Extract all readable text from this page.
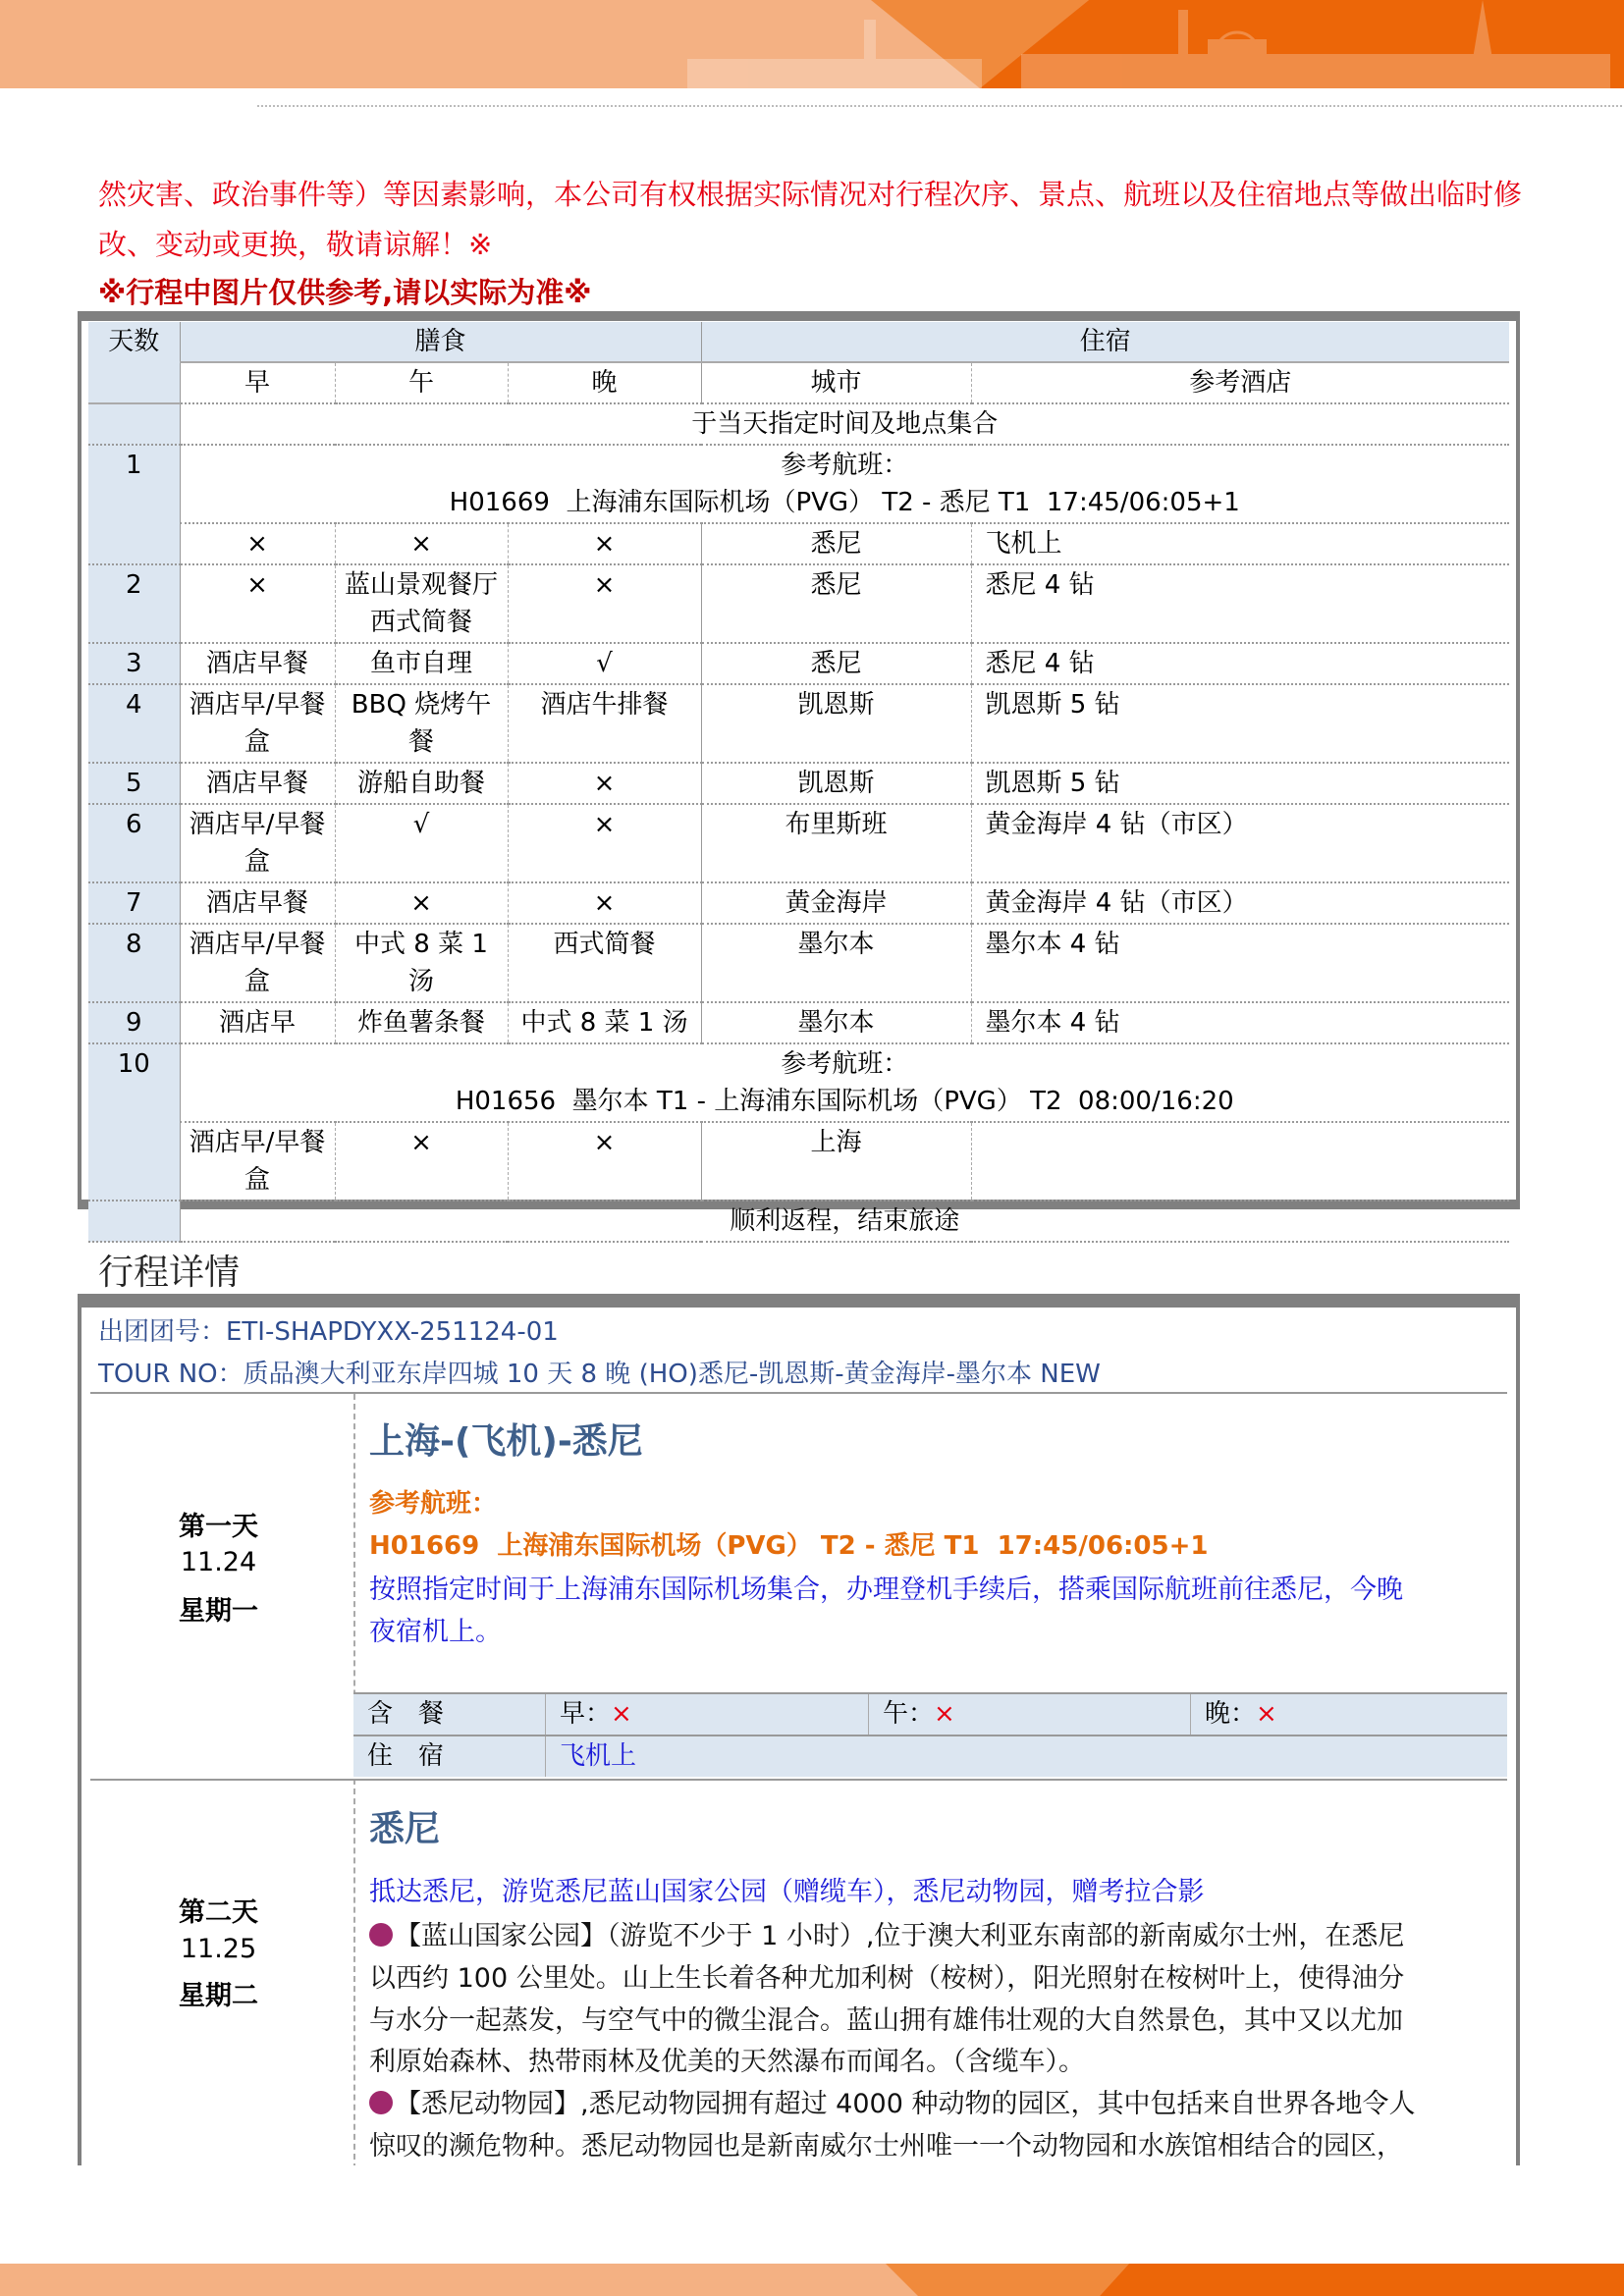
然灾害、政治事件等）等因素影响，本公司有权根据实际情况对行程次序、景点、航班以及住宿地点等做出临时修
改、变动或更换，敬请谅解！※
※行程中图片仅供参考,请以实际为准※
天数	膳食			住宿	
	早	午	晚	城市	参考酒店
	于当天指定时间及地点集合				
1	参考航班：
H01669  上海浦东国际机场（PVG） T2 - 悉尼 T1  17:45/06:05+1				

	×	×	×	悉尼	飞机上
2	×	蓝山景观餐厅西式简餐	×	悉尼	悉尼 4 钻
3	酒店早餐	鱼市自理	√	悉尼	悉尼 4 钻
4	酒店早/早餐盒	BBQ 烧烤午餐	酒店牛排餐	凯恩斯	凯恩斯 5 钻
5	酒店早餐	游船自助餐	×	凯恩斯	凯恩斯 5 钻
6	酒店早/早餐盒	√	×	布里斯班	黄金海岸 4 钻（市区）
7	酒店早餐	×	×	黄金海岸	黄金海岸 4 钻（市区）
8	酒店早/早餐盒	中式 8 菜 1 汤	西式简餐	墨尔本	墨尔本 4 钻
9	酒店早	炸鱼薯条餐	中式 8 菜 1 汤	墨尔本	墨尔本 4 钻
10	参考航班：
H01656  墨尔本 T1 - 上海浦东国际机场（PVG） T2  08:00/16:20				

	酒店早/早餐盒	×	×	上海	
	顺利返程，结束旅途				
行程详情
出团团号：ETI-SHAPDYXX-251124-01
TOUR NO：质品澳大利亚东岸四城 10 天 8 晚 (HO)悉尼-凯恩斯-黄金海岸-墨尔本 NEW
第一天
11.24
星期一
上海-(飞机)-悉尼
参考航班：
H01669  上海浦东国际机场（PVG） T2 - 悉尼 T1  17:45/06:05+1
按照指定时间于上海浦东国际机场集合，办理登机手续后，搭乘国际航班前往悉尼，今晚
夜宿机上。
含　餐	早：×	午：×	晚：×
住　宿	飞机上
第二天
11.25
星期二
悉尼
抵达悉尼，游览悉尼蓝山国家公园（赠缆车），悉尼动物园，赠考拉合影
【蓝山国家公园】（游览不少于 1 小时）,位于澳大利亚东南部的新南威尔士州，在悉尼
以西约 100 公里处。山上生长着各种尤加利树（桉树），阳光照射在桉树叶上，使得油分
与水分一起蒸发，与空气中的微尘混合。蓝山拥有雄伟壮观的大自然景色，其中又以尤加
利原始森林、热带雨林及优美的天然瀑布而闻名。（含缆车）。
【悉尼动物园】,悉尼动物园拥有超过 4000 种动物的园区，其中包括来自世界各地令人
惊叹的濒危物种。悉尼动物园也是新南威尔士州唯一一个动物园和水族馆相结合的园区，
